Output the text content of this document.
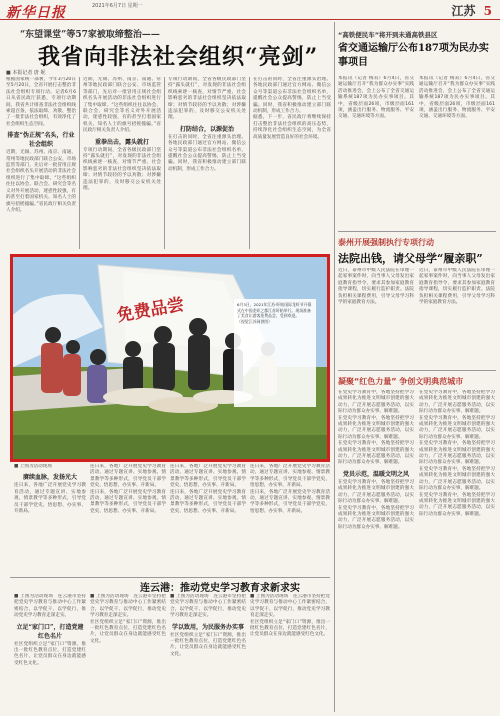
新华日报	2021年6月7日 星期一	江苏 5
“东望课堂”等57家被取缔整治——
我省向非法社会组织“亮剑”
■ 本报记者 唐 妮

根据国家统一部署，今年3月20日至5月20日，全省开展打击整治非法社会组织专项行动。记者6月6日从省民政厅获悉，专项行动期间，我省共计排查非法社会组织线索超百条，依法取缔、劝散、整治了一批非法社会组织，有效净化了社会组织生态空间。

排查“伪正规”名头，行业社会组织

近期，无锡、苏州、南京、南通、常州等地民政部门联合公安、市场监管等部门，先后对一批冒用正规社会组织名头开展活动的非法社会组织进行了集中取缔。“这些组织往往以协会、联合会、研究会等名义对外开展活动，迷惑性较强，有的甚至打着国家机关、知名人士的旗号招摇撞骗。”省民政厅相关负责人介绍。

近期，无锡、苏州、南京、南通、常州等地民政部门联合公安、市场监管等部门，先后对一批冒用正规社会组织名头开展活动的非法社会组织进行了集中取缔。“这些组织往往以协会、联合会、研究会等名义对外开展活动，迷惑性较强，有的甚至打着国家机关、知名人士的旗号招摇撞骗。”省民政厅相关负责人介绍。

重拳出击，露头就打

专项行动期间，全省各级民政部门坚持“露头就打”，对发现的非法社会组织线索逐一核查，对情节严重、社会影响恶劣的非法社会组织坚决依法取缔；对情节较轻的予以劝散；对涉嫌违法犯罪的，及时移交公安机关处理。

专项行动期间，全省各级民政部门坚持“露头就打”，对发现的非法社会组织线索逐一核查，对情节严重、社会影响恶劣的非法社会组织坚决依法取缔；对情节较轻的予以劝散；对涉嫌违法犯罪的，及时移交公安机关处理。

打防结合，以源促治

在打击的同时，全省注重源头治理。各地民政部门通过官方网站、微信公众号等渠道公布非法社会组织名单，提醒社会公众提高警惕，防止上当受骗。同时，我省积极推动建立部门联动机制，形成工作合力。

在打击的同时，全省注重源头治理。各地民政部门通过官方网站、微信公众号等渠道公布非法社会组织名单，提醒社会公众提高警惕，防止上当受骗。同时，我省积极推动建立部门联动机制，形成工作合力。

据悉，下一步，省民政厅将继续保持打击整治非法社会组织的高压态势，持续净化社会组织生态空间，为全省高质量发展营造良好的社会环境。

“高铁便民车”将开到未通高铁县区
省交通运输厅公布187项为民办实事项目

本报讯（记者 梅双）6月4日，省交通运输厅召开“我为群众办实事”实践活动推进会，会上公布了全省交通运输系统187项为民办实事项目。其中，省级层面26项，市级层面161项，涵盖出行服务、物流服务、平安交通、交通环境等方面。

本报讯（记者 梅双）6月4日，省交通运输厅召开“我为群众办实事”实践活动推进会，会上公布了全省交通运输系统187项为民办实事项目。其中，省级层面26项，市级层面161项，涵盖出行服务、物流服务、平安交通、交通环境等方面。

泰州开展强制执行专项行动
法院出钱，请父母学“履亲职”

近日，泰州市中级人民法院在审理一起家事案件时，向当事人父母发出家庭教育指导令，要求其参加家庭教育指导课程，切实履行监护职责。法院负担相关课程费用，引导父母学习科学的家庭教育方法。

近日，泰州市中级人民法院在审理一起家事案件时，向当事人父母发出家庭教育指导令，要求其参加家庭教育指导课程，切实履行监护职责。法院负担相关课程费用，引导父母学习科学的家庭教育方法。

免费品尝	6月3日，2021年江苏·盱眙国际龙虾节开幕式在中国龙虾之都江苏盱眙举行。现场准备了美食让游客免费品尝，受到欢迎。

（视觉江苏网供图）

■ 上图为活动现场

赓续血脉，发扬光大

连日来，各地广泛开展党史学习教育活动，通过专题宣讲、实地参观、情景教学等多种形式，引导党员干部学党史、悟思想、办实事、开新局。

连日来，各地广泛开展党史学习教育活动，通过专题宣讲、实地参观、情景教学等多种形式，引导党员干部学党史、悟思想、办实事、开新局。

连日来，各地广泛开展党史学习教育活动，通过专题宣讲、实地参观、情景教学等多种形式，引导党员干部学党史、悟思想、办实事、开新局。

连日来，各地广泛开展党史学习教育活动，通过专题宣讲、实地参观、情景教学等多种形式，引导党员干部学党史、悟思想、办实事、开新局。

连日来，各地广泛开展党史学习教育活动，通过专题宣讲、实地参观、情景教学等多种形式，引导党员干部学党史、悟思想、办实事、开新局。

连日来，各地广泛开展党史学习教育活动，通过专题宣讲、实地参观、情景教学等多种形式，引导党员干部学党史、悟思想、办实事、开新局。

连日来，各地广泛开展党史学习教育活动，通过专题宣讲、实地参观、情景教学等多种形式，引导党员干部学党史、悟思想、办实事、开新局。

连云港：推动党史学习教育求新求实

■ 上图为活动现场　连云港市坚持把党史学习教育与推动中心工作紧密结合，以学促干、以学促行，推动党史学习教育走深走实。

立足“家门口”，打造党建红色名片

社区党组织立足“家门口”资源，推出一批红色教育点位，打造党建红色名片，让党员群众在身边就能感受红色文化。

■ 上图为活动现场　连云港市坚持把党史学习教育与推动中心工作紧密结合，以学促干、以学促行，推动党史学习教育走深走实。

社区党组织立足“家门口”资源，推出一批红色教育点位，打造党建红色名片，让党员群众在身边就能感受红色文化。

■ 上图为活动现场　连云港市坚持把党史学习教育与推动中心工作紧密结合，以学促干、以学促行，推动党史学习教育走深走实。

学以致用，为民服务办实事

社区党组织立足“家门口”资源，推出一批红色教育点位，打造党建红色名片，让党员群众在身边就能感受红色文化。

■ 上图为活动现场　连云港市坚持把党史学习教育与推动中心工作紧密结合，以学促干、以学促行，推动党史学习教育走深走实。

社区党组织立足“家门口”资源，推出一批红色教育点位，打造党建红色名片，让党员群众在身边就能感受红色文化。

凝聚“红色力量” 争创文明典范城市

在党史学习教育中，各地坚持把学习成果转化为推进文明城市创建的强大动力，广泛开展志愿服务活动，以实际行动为群众办实事、解难题。

在党史学习教育中，各地坚持把学习成果转化为推进文明城市创建的强大动力，广泛开展志愿服务活动，以实际行动为群众办实事、解难题。

在党史学习教育中，各地坚持把学习成果转化为推进文明城市创建的强大动力，广泛开展志愿服务活动，以实际行动为群众办实事、解难题。

党员示范，温暖文明之风

在党史学习教育中，各地坚持把学习成果转化为推进文明城市创建的强大动力，广泛开展志愿服务活动，以实际行动为群众办实事、解难题。

在党史学习教育中，各地坚持把学习成果转化为推进文明城市创建的强大动力，广泛开展志愿服务活动，以实际行动为群众办实事、解难题。

在党史学习教育中，各地坚持把学习成果转化为推进文明城市创建的强大动力，广泛开展志愿服务活动，以实际行动为群众办实事、解难题。

在党史学习教育中，各地坚持把学习成果转化为推进文明城市创建的强大动力，广泛开展志愿服务活动，以实际行动为群众办实事、解难题。

在党史学习教育中，各地坚持把学习成果转化为推进文明城市创建的强大动力，广泛开展志愿服务活动，以实际行动为群众办实事、解难题。

在党史学习教育中，各地坚持把学习成果转化为推进文明城市创建的强大动力，广泛开展志愿服务活动，以实际行动为群众办实事、解难题。

在党史学习教育中，各地坚持把学习成果转化为推进文明城市创建的强大动力，广泛开展志愿服务活动，以实际行动为群众办实事、解难题。
